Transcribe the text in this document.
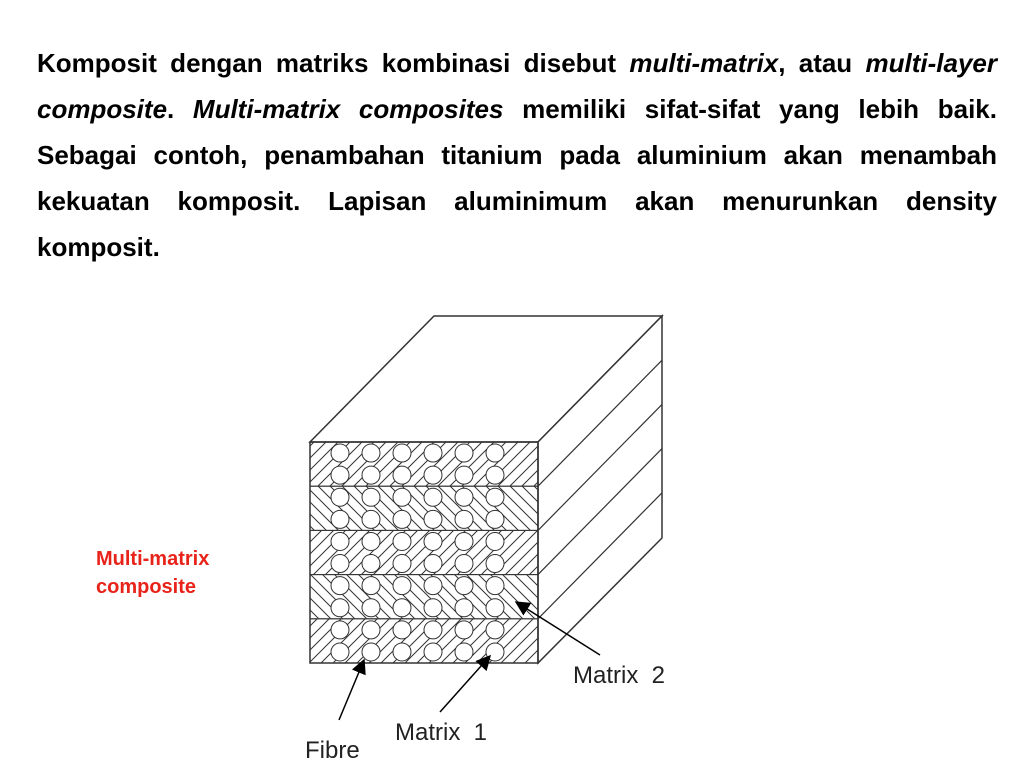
Komposit dengan matriks kombinasi disebut multi-matrix, atau multi-layer composite. Multi-matrix composites memiliki sifat-sifat yang lebih baik. Sebagai contoh, penambahan titanium pada aluminium akan menambah kekuatan komposit. Lapisan aluminimum akan menurunkan density komposit.

Multi-matrix
composite
Fibre
Matrix  1
Matrix  2
